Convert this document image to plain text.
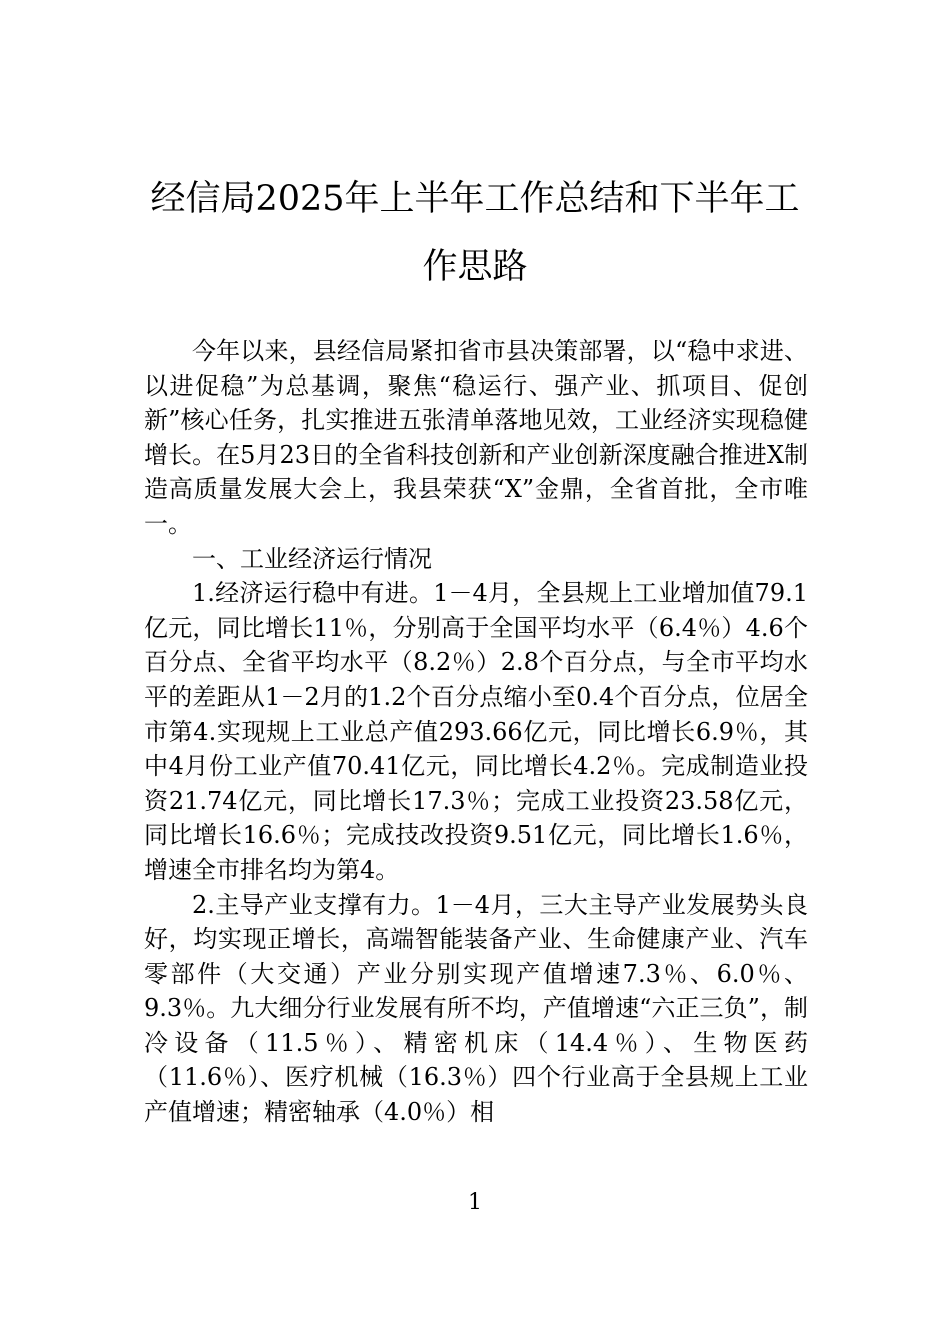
经信局2025年上半年工作总结和下半年工
作思路

今年以来，县经信局紧扣省市县决策部署，以“稳中求进、以进促稳”为总基调，聚焦“稳运行、强产业、抓项目、促创新”核心任务，扎实推进五张清单落地见效，工业经济实现稳健增长。在5月23日的全省科技创新和产业创新深度融合推进X制造高质量发展大会上，我县荣获“X”金鼎，全省首批，全市唯一。

一、工业经济运行情况

1.经济运行稳中有进。1－4月，全县规上工业增加值79.1亿元，同比增长11％，分别高于全国平均水平（6.4％）4.6个百分点、全省平均水平（8.2％）2.8个百分点，与全市平均水平的差距从1－2月的1.2个百分点缩小至0.4个百分点，位居全市第4.实现规上工业总产值293.66亿元，同比增长6.9％，其中4月份工业产值70.41亿元，同比增长4.2％。完成制造业投资21.74亿元，同比增长17.3％；完成工业投资23.58亿元，同比增长16.6％；完成技改投资9.51亿元，同比增长1.6％，增速全市排名均为第4。

2.主导产业支撑有力。1－4月，三大主导产业发展势头良好，均实现正增长，高端智能装备产业、生命健康产业、汽车零部件（大交通）产业分别实现产值增速7.3％、6.0％、9.3％。九大细分行业发展有所不均，产值增速“六正三负”，制冷设备（11.5％）、精密机床（14.4％）、生物医药（11.6％）、医疗机械（16.3％）四个行业高于全县规上工业产值增速；精密轴承（4.0％）相

1
